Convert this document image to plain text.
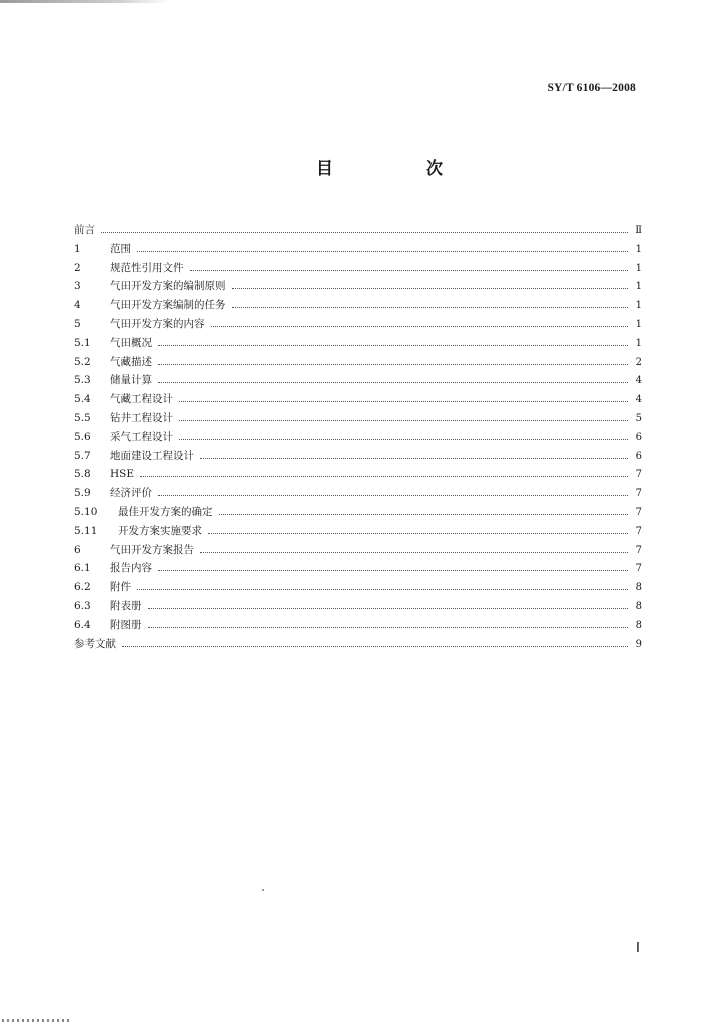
SY/T 6106—2008
目　次
前言	Ⅱ
1	范围	1
2	规范性引用文件	1
3	气田开发方案的编制原则	1
4	气田开发方案编制的任务	1
5	气田开发方案的内容	1
5.1	气田概况	1
5.2	气藏描述	2
5.3	储量计算	4
5.4	气藏工程设计	4
5.5	钻井工程设计	5
5.6	采气工程设计	6
5.7	地面建设工程设计	6
5.8	HSE	7
5.9	经济评价	7
5.10	最佳开发方案的确定	7
5.11	开发方案实施要求	7
6	气田开发方案报告	7
6.1	报告内容	7
6.2	附件	8
6.3	附表册	8
6.4	附图册	8
参考文献	9
Ⅰ
